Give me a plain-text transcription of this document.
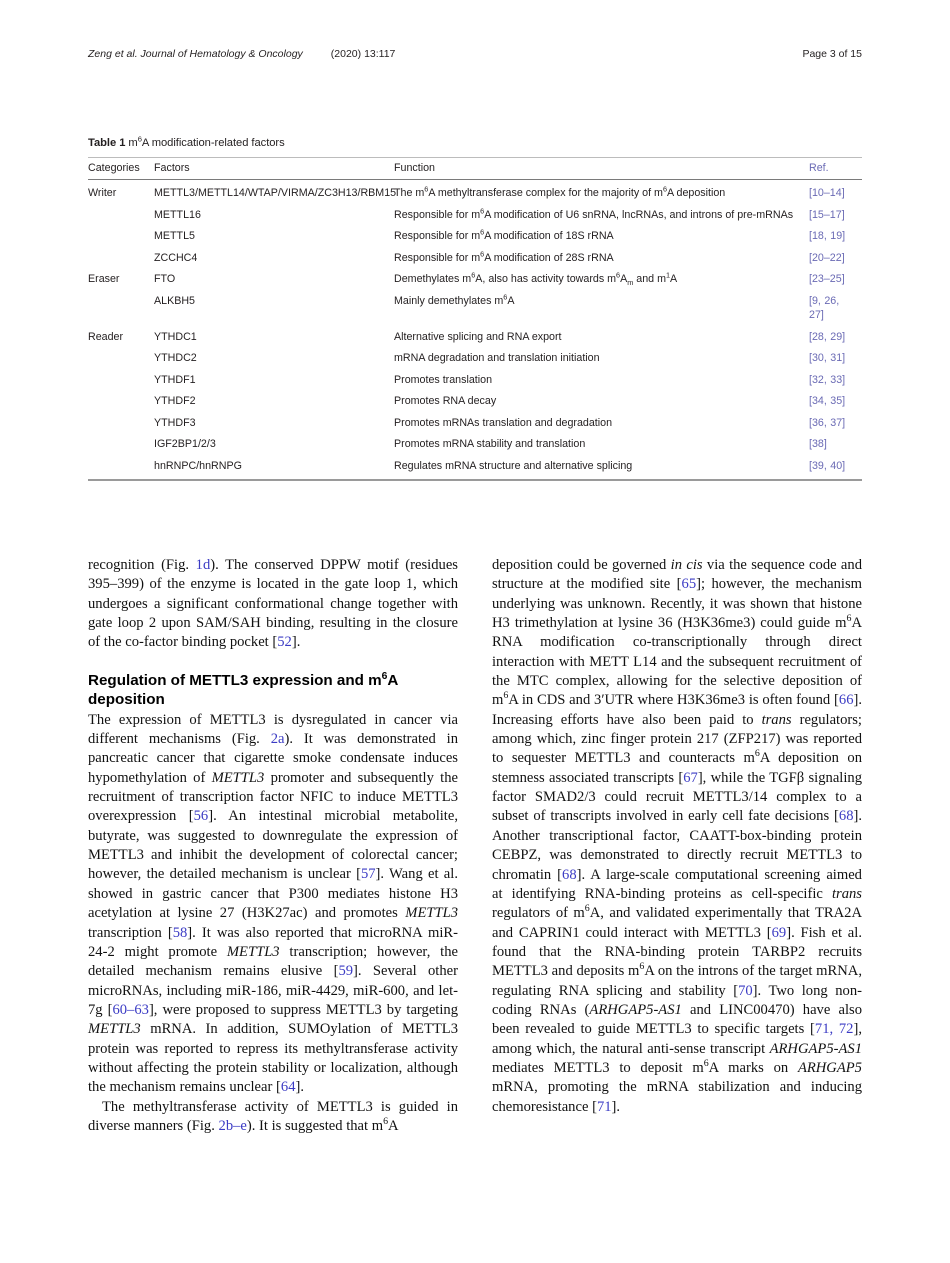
Zeng et al. Journal of Hematology & Oncology	(2020) 13:117	Page 3 of 15
Table 1 $m^6A$ modification-related factors
Categories	Factors	Function	Ref.
Writer	METTL3/METTL14/WTAP/VIRMA/ZC3H13/RBM15	The $m^6A$ methyltransferase complex for the majority of $m^6A$ deposition	[10–14]
	METTL16	Responsible for $m^6A$ modification of U6 snRNA, lncRNAs, and introns of pre-mRNAs	[15–17]
	METTL5	Responsible for $m^6A$ modification of 18S rRNA	[18, 19]
	ZCCHC4	Responsible for $m^6A$ modification of 28S rRNA	[20–22]
Eraser	FTO	Demethylates $m^6A$, also has activity towards $m^6A_m$ and $m^1A$	[23–25]
	ALKBH5	Mainly demethylates $m^6A$	[9, 26, 27]
Reader	YTHDC1	Alternative splicing and RNA export	[28, 29]
	YTHDC2	mRNA degradation and translation initiation	[30, 31]
	YTHDF1	Promotes translation	[32, 33]
	YTHDF2	Promotes RNA decay	[34, 35]
	YTHDF3	Promotes mRNAs translation and degradation	[36, 37]
	IGF2BP1/2/3	Promotes mRNA stability and translation	[38]
	hnRNPC/hnRNPG	Regulates mRNA structure and alternative splicing	[39, 40]

recognition (Fig. 1d). The conserved DPPW motif (residues 395–399) of the enzyme is located in the gate loop 1, which undergoes a significant conformational change together with gate loop 2 upon SAM/SAH binding, resulting in the closure of the co-factor binding pocket [52].

Regulation of METTL3 expression and $m^6A$ deposition

The expression of METTL3 is dysregulated in cancer via different mechanisms (Fig. 2a). It was demonstrated in pancreatic cancer that cigarette smoke condensate induces hypomethylation of METTL3 promoter and subsequently the recruitment of transcription factor NFIC to induce METTL3 overexpression [56]. An intestinal microbial metabolite, butyrate, was suggested to downregulate the expression of METTL3 and inhibit the development of colorectal cancer; however, the detailed mechanism is unclear [57]. Wang et al. showed in gastric cancer that P300 mediates histone H3 acetylation at lysine 27 (H3K27ac) and promotes METTL3 transcription [58]. It was also reported that microRNA miR-24-2 might promote METTL3 transcription; however, the detailed mechanism remains elusive [59]. Several other microRNAs, including miR-186, miR-4429, miR-600, and let-7g [60–63], were proposed to suppress METTL3 by targeting METTL3 mRNA. In addition, SUMOylation of METTL3 protein was reported to repress its methyltransferase activity without affecting the protein stability or localization, although the mechanism remains unclear [64].

The methyltransferase activity of METTL3 is guided in diverse manners (Fig. 2b–e). It is suggested that $m^6A$

deposition could be governed in cis via the sequence code and structure at the modified site [65]; however, the mechanism underlying was unknown. Recently, it was shown that histone H3 trimethylation at lysine 36 (H3K36me3) could guide $m^6A$ RNA modification co-transcriptionally through direct interaction with METT L14 and the subsequent recruitment of the MTC complex, allowing for the selective deposition of $m^6A$ in CDS and 3′UTR where H3K36me3 is often found [66]. Increasing efforts have also been paid to trans regulators; among which, zinc finger protein 217 (ZFP217) was reported to sequester METTL3 and counteracts $m^6A$ deposition on stemness associated transcripts [67], while the TGFβ signaling factor SMAD2/3 could recruit METTL3/14 complex to a subset of transcripts involved in early cell fate decisions [68]. Another transcriptional factor, CAATT-box-binding protein CEBPZ, was demonstrated to directly recruit METTL3 to chromatin [68]. A large-scale computational screening aimed at identifying RNA-binding proteins as cell-specific trans regulators of $m^6A$, and validated experimentally that TRA2A and CAPRIN1 could interact with METTL3 [69]. Fish et al. found that the RNA-binding protein TARBP2 recruits METTL3 and deposits $m^6A$ on the introns of the target mRNA, regulating RNA splicing and stability [70]. Two long non-coding RNAs (ARHGAP5-AS1 and LINC00470) have also been revealed to guide METTL3 to specific targets [71, 72], among which, the natural anti-sense transcript ARHGAP5-AS1 mediates METTL3 to deposit $m^6A$ marks on ARHGAP5 mRNA, promoting the mRNA stabilization and inducing chemoresistance [71].
